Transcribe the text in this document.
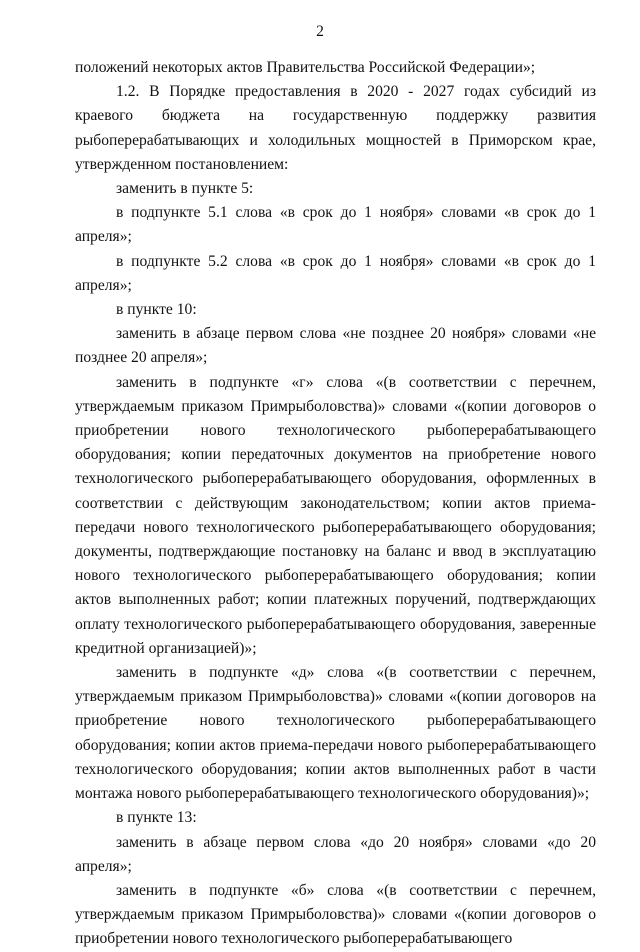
2

положений некоторых актов Правительства Российской Федерации»;

1.2. В Порядке предоставления в 2020 - 2027 годах субсидий из краевого бюджета на государственную поддержку развития рыбоперерабатывающих и холодильных мощностей в Приморском крае, утвержденном постановлением:

заменить в пункте 5:

в подпункте 5.1 слова «в срок до 1 ноября» словами «в срок до 1 апреля»;

в подпункте 5.2 слова «в срок до 1 ноября» словами «в срок до 1 апреля»;

в пункте 10:

заменить в абзаце первом слова «не позднее 20 ноября» словами «не позднее 20 апреля»;

заменить в подпункте «г» слова «(в соответствии с перечнем, утверждаемым приказом Примрыболовства)» словами «(копии договоров о приобретении нового технологического рыбоперерабатывающего оборудования; копии передаточных документов на приобретение нового технологического рыбоперерабатывающего оборудования, оформленных в соответствии с действующим законодательством; копии актов приема-передачи нового технологического рыбоперерабатывающего оборудования; документы, подтверждающие постановку на баланс и ввод в эксплуатацию нового технологического рыбоперерабатывающего оборудования; копии актов выполненных работ; копии платежных поручений, подтверждающих оплату технологического рыбоперерабатывающего оборудования, заверенные кредитной организацией)»;

заменить в подпункте «д» слова «(в соответствии с перечнем, утверждаемым приказом Примрыболовства)» словами «(копии договоров на приобретение нового технологического рыбоперерабатывающего оборудования; копии актов приема-передачи нового рыбоперерабатывающего технологического оборудования; копии актов выполненных работ в части монтажа нового рыбоперерабатывающего технологического оборудования)»;

в пункте 13:

заменить в абзаце первом слова «до 20 ноября» словами «до 20 апреля»;

заменить в подпункте «б» слова «(в соответствии с перечнем, утверждаемым приказом Примрыболовства)» словами «(копии договоров о приобретении нового технологического рыбоперерабатывающего
